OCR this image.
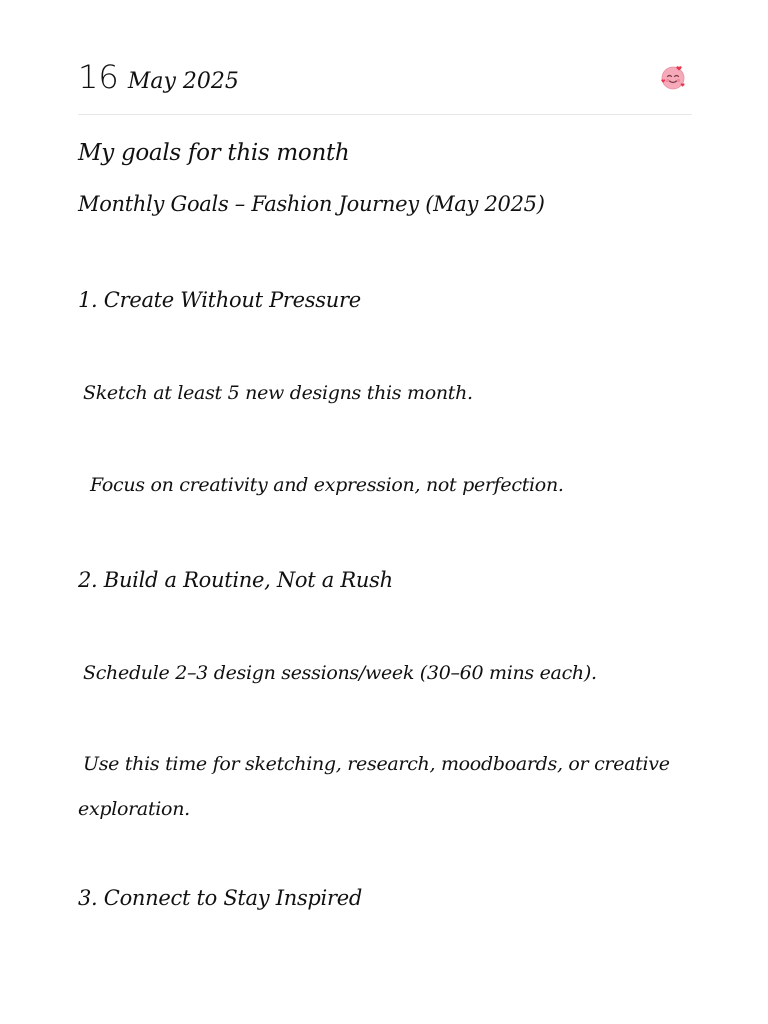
16 May 2025
My goals for this month
Monthly Goals – Fashion Journey (May 2025)
1. Create Without Pressure
Sketch at least 5 new designs this month.
Focus on creativity and expression, not perfection.
2. Build a Routine, Not a Rush
Schedule 2–3 design sessions/week (30–60 mins each).
Use this time for sketching, research, moodboards, or creative
exploration.
3. Connect to Stay Inspired
